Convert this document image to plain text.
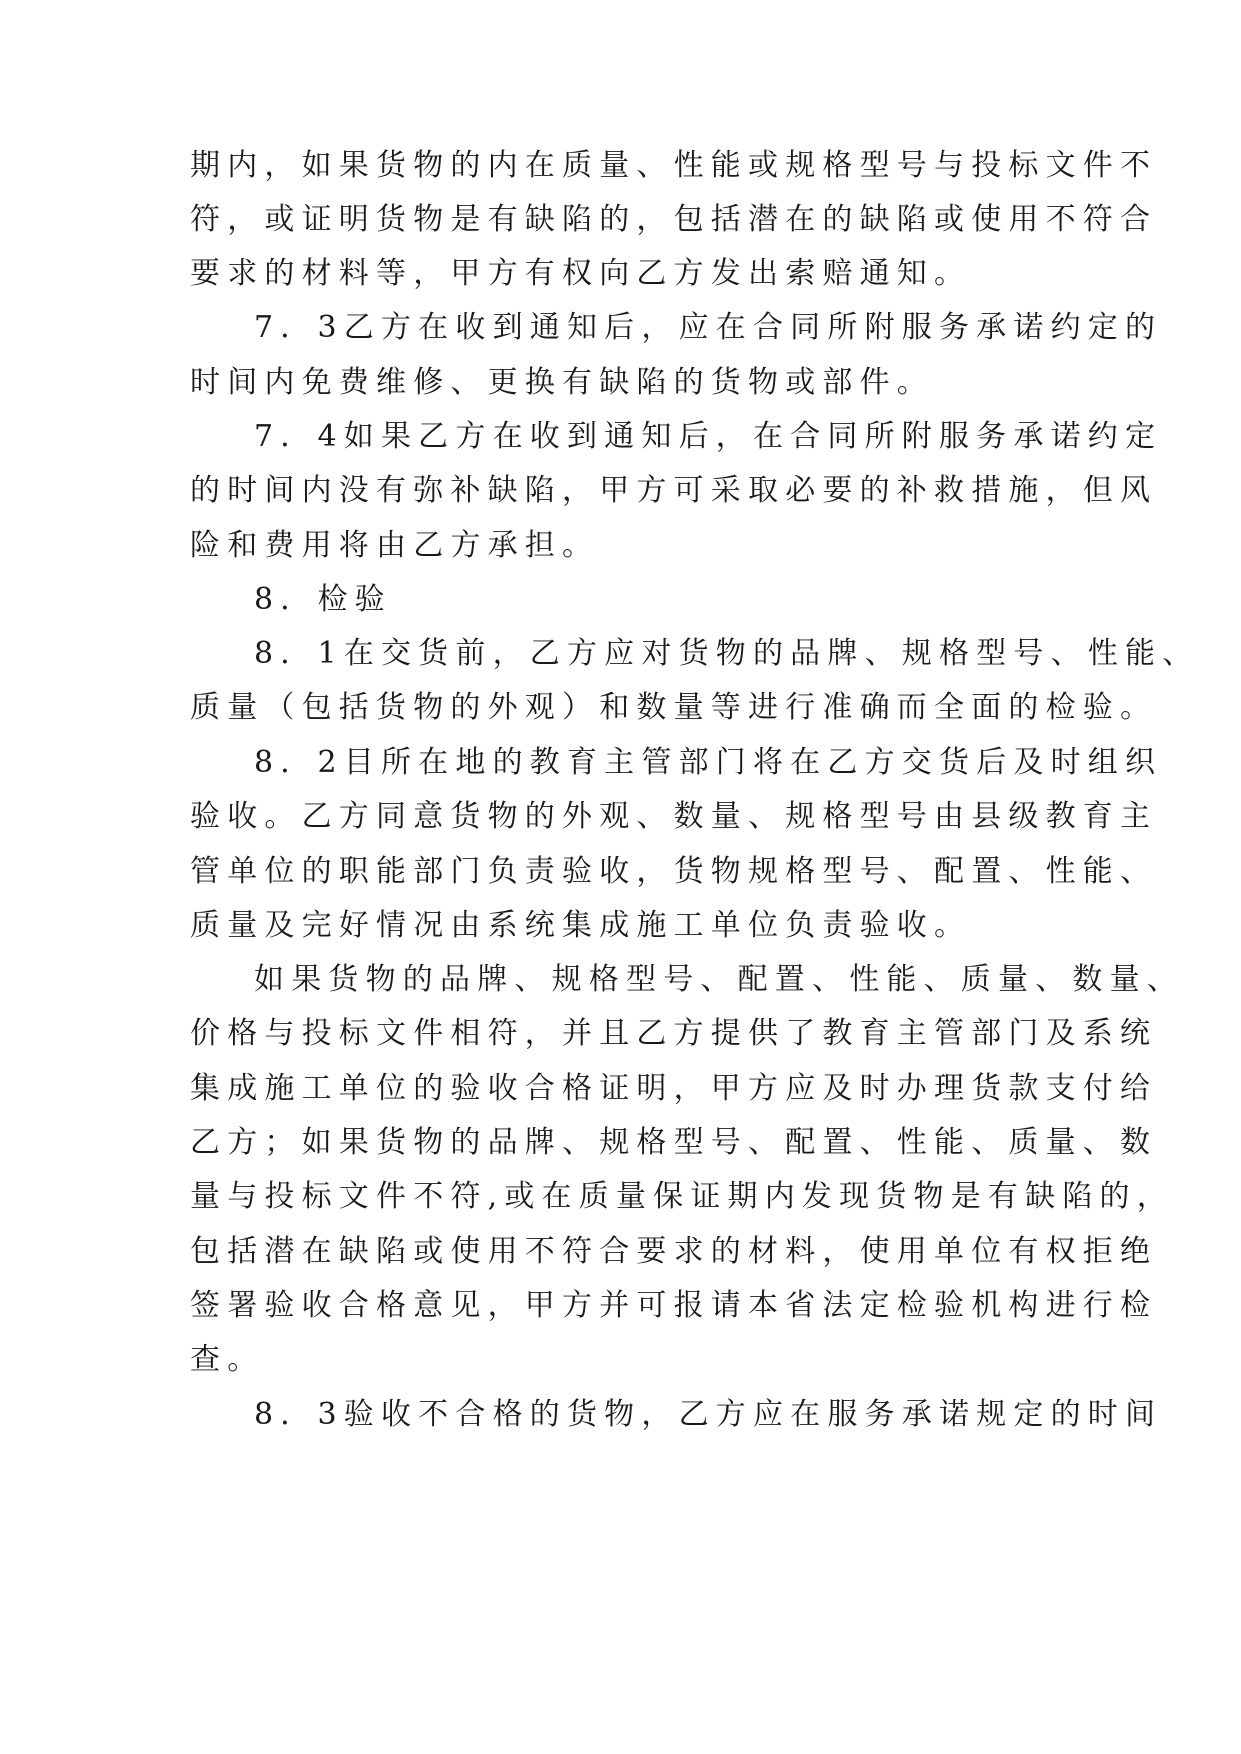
期内，如果货物的内在质量、性能或规格型号与投标文件不
符，或证明货物是有缺陷的，包括潜在的缺陷或使用不符合
要求的材料等，甲方有权向乙方发出索赔通知。
7．3乙方在收到通知后，应在合同所附服务承诺约定的
时间内免费维修、更换有缺陷的货物或部件。
7．4如果乙方在收到通知后，在合同所附服务承诺约定
的时间内没有弥补缺陷，甲方可采取必要的补救措施，但风
险和费用将由乙方承担。
8．检验
8．1在交货前，乙方应对货物的品牌、规格型号、性能、
质量（包括货物的外观）和数量等进行准确而全面的检验。
8．2目所在地的教育主管部门将在乙方交货后及时组织
验收。乙方同意货物的外观、数量、规格型号由县级教育主
管单位的职能部门负责验收，货物规格型号、配置、性能、
质量及完好情况由系统集成施工单位负责验收。
如果货物的品牌、规格型号、配置、性能、质量、数量、
价格与投标文件相符，并且乙方提供了教育主管部门及系统
集成施工单位的验收合格证明，甲方应及时办理货款支付给
乙方；如果货物的品牌、规格型号、配置、性能、质量、数
量与投标文件不符,或在质量保证期内发现货物是有缺陷的，
包括潜在缺陷或使用不符合要求的材料，使用单位有权拒绝
签署验收合格意见，甲方并可报请本省法定检验机构进行检
查。
8．3验收不合格的货物，乙方应在服务承诺规定的时间
